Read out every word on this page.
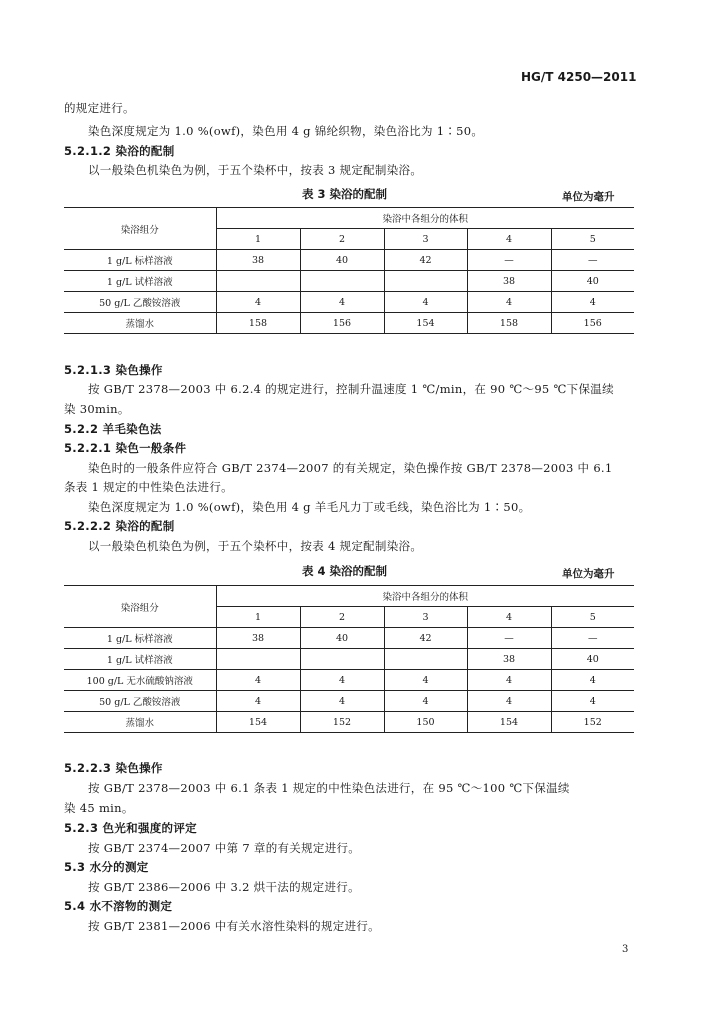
HG/T 4250—2011
的规定进行。
染色深度规定为 1.0 %(owf)，染色用 4 g 锦纶织物，染色浴比为 1∶50。
5.2.1.2 染浴的配制
以一般染色机染色为例，于五个染杯中，按表 3 规定配制染浴。
表 3 染浴的配制	单位为毫升
染浴组分	染浴中各组分的体积				
	1	2	3	4	5
1 g/L 标样溶液	38	40	42	—	—
1 g/L 试样溶液				38	40
50 g/L 乙酸铵溶液	4	4	4	4	4
蒸馏水	158	156	154	158	156
5.2.1.3 染色操作
按 GB/T 2378—2003 中 6.2.4 的规定进行，控制升温速度 1 ℃/min，在 90 ℃～95 ℃下保温续
染 30min。
5.2.2 羊毛染色法
5.2.2.1 染色一般条件
染色时的一般条件应符合 GB/T 2374—2007 的有关规定，染色操作按 GB/T 2378—2003 中 6.1
条表 1 规定的中性染色法进行。
染色深度规定为 1.0 %(owf)，染色用 4 g 羊毛凡力丁或毛线，染色浴比为 1∶50。
5.2.2.2 染浴的配制
以一般染色机染色为例，于五个染杯中，按表 4 规定配制染浴。
表 4 染浴的配制	单位为毫升
染浴组分	染浴中各组分的体积				
	1	2	3	4	5
1 g/L 标样溶液	38	40	42	—	—
1 g/L 试样溶液				38	40
100 g/L 无水硫酸钠溶液	4	4	4	4	4
50 g/L 乙酸铵溶液	4	4	4	4	4
蒸馏水	154	152	150	154	152
5.2.2.3 染色操作
按 GB/T 2378—2003 中 6.1 条表 1 规定的中性染色法进行，在 95 ℃～100 ℃下保温续
染 45 min。
5.2.3 色光和强度的评定
按 GB/T 2374—2007 中第 7 章的有关规定进行。
5.3 水分的测定
按 GB/T 2386—2006 中 3.2 烘干法的规定进行。
5.4 水不溶物的测定
按 GB/T 2381—2006 中有关水溶性染料的规定进行。
3
